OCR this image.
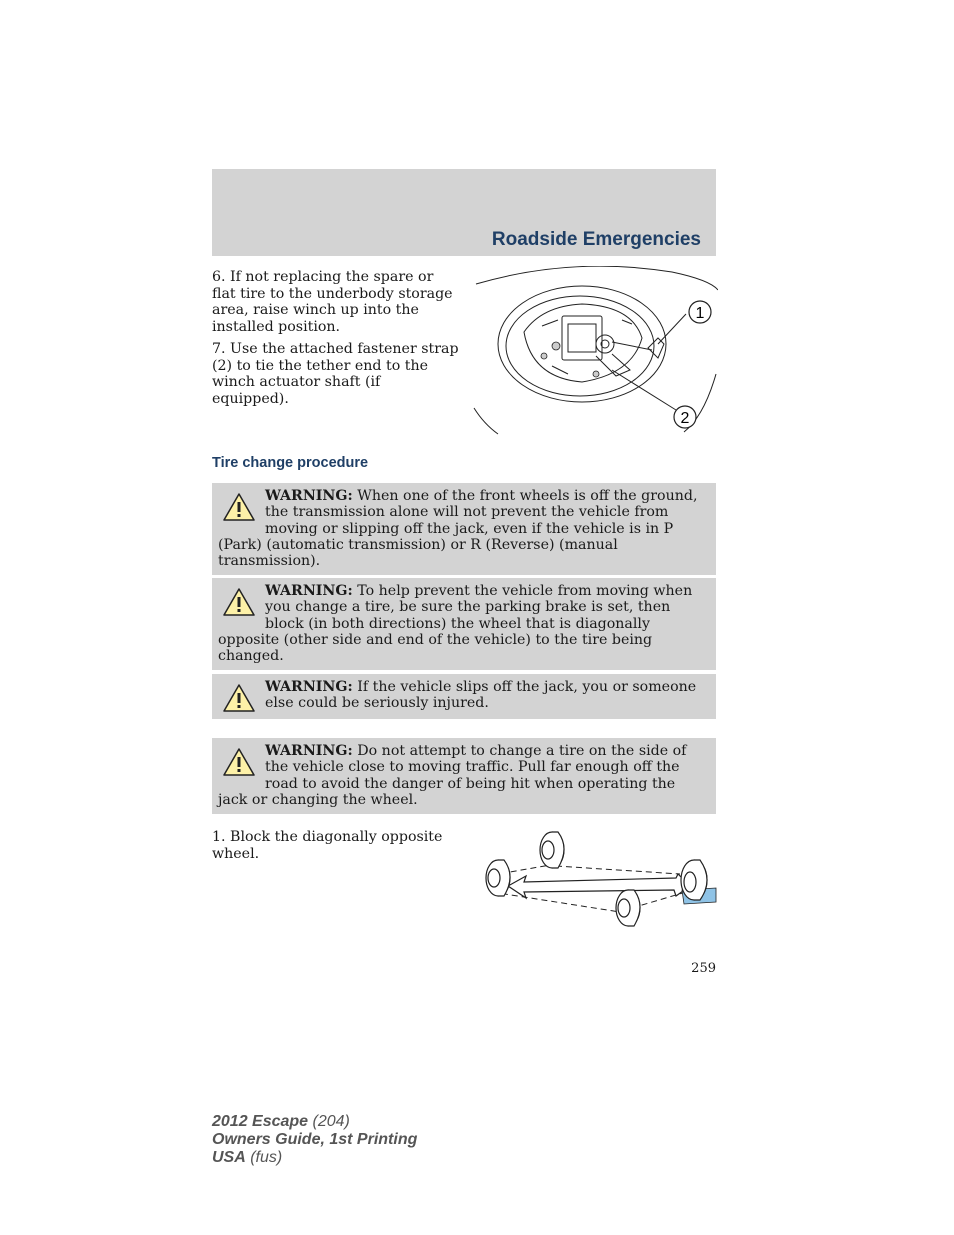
Roadside Emergencies

6. If not replacing the spare or flat tire to the underbody storage area, raise winch up into the installed position.

7. Use the attached fastener strap (2) to tie the tether end to the winch actuator shaft (if equipped).

1
2
Tire change procedure
WARNING: When one of the front wheels is off the ground, the transmission alone will not prevent the vehicle from moving or slipping off the jack, even if the vehicle is in P (Park) (automatic transmission) or R (Reverse) (manual transmission).
WARNING: To help prevent the vehicle from moving when you change a tire, be sure the parking brake is set, then block (in both directions) the wheel that is diagonally opposite (other side and end of the vehicle) to the tire being changed.
WARNING: If the vehicle slips off the jack, you or someone else could be seriously injured.
WARNING: Do not attempt to change a tire on the side of the vehicle close to moving traffic. Pull far enough off the road to avoid the danger of being hit when operating the jack or changing the wheel.

1. Block the diagonally opposite wheel.

259
2012 Escape (204)
Owners Guide, 1st Printing
USA (fus)
